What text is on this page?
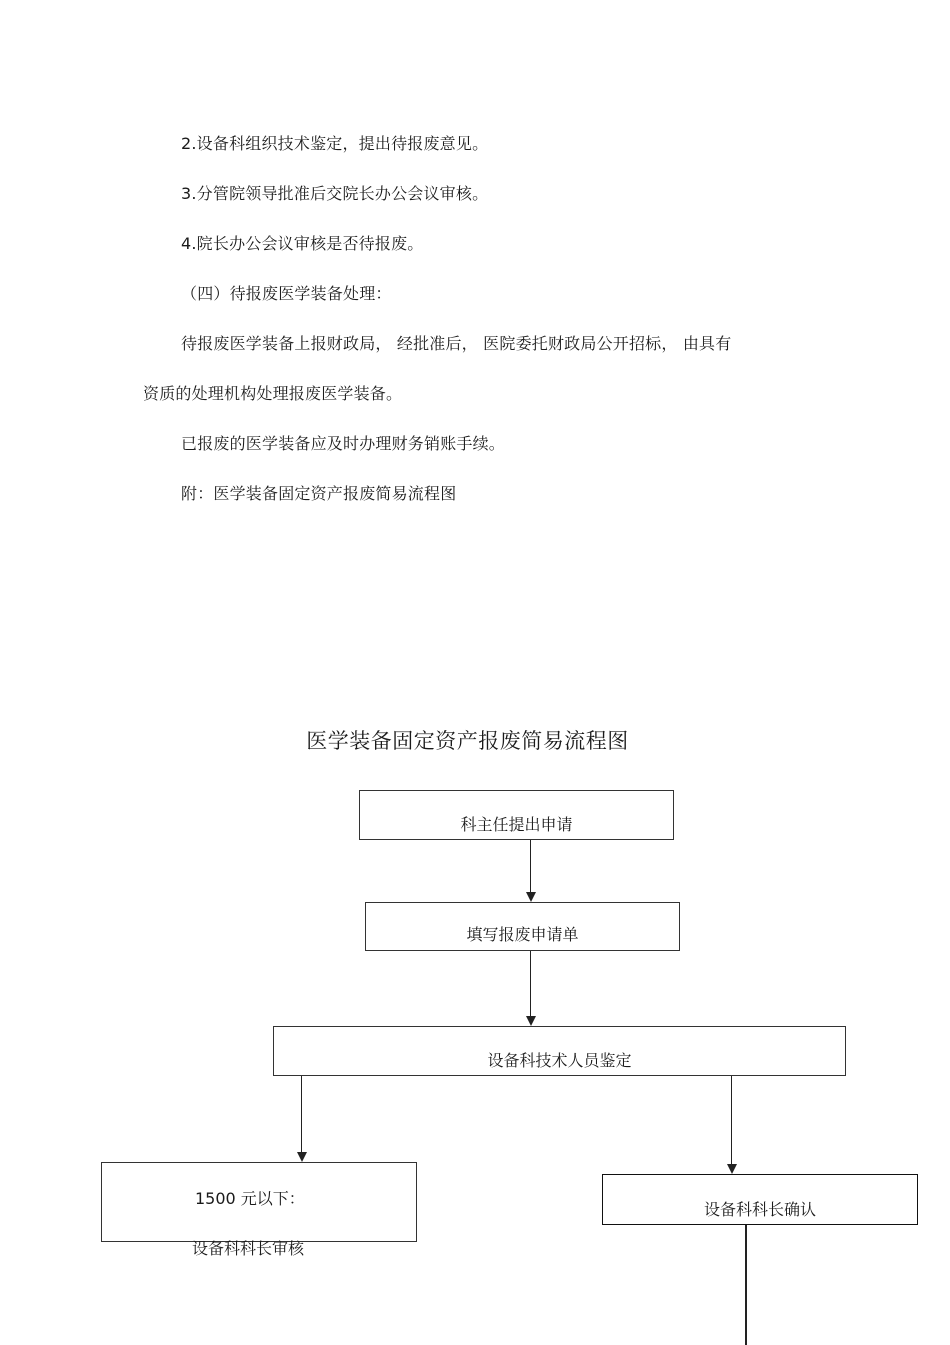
2.设备科组织技术鉴定，提出待报废意见。
3.分管院领导批准后交院长办公会议审核。
4.院长办公会议审核是否待报废。
（四）待报废医学装备处理：
待报废医学装备上报财政局， 经批准后， 医院委托财政局公开招标， 由具有
资质的处理机构处理报废医学装备。
已报废的医学装备应及时办理财务销账手续。
附：医学装备固定资产报废简易流程图
医学装备固定资产报废简易流程图
科主任提出申请
填写报废申请单
设备科技术人员鉴定
1500 元以下：
设备科科长审核
设备科科长确认
